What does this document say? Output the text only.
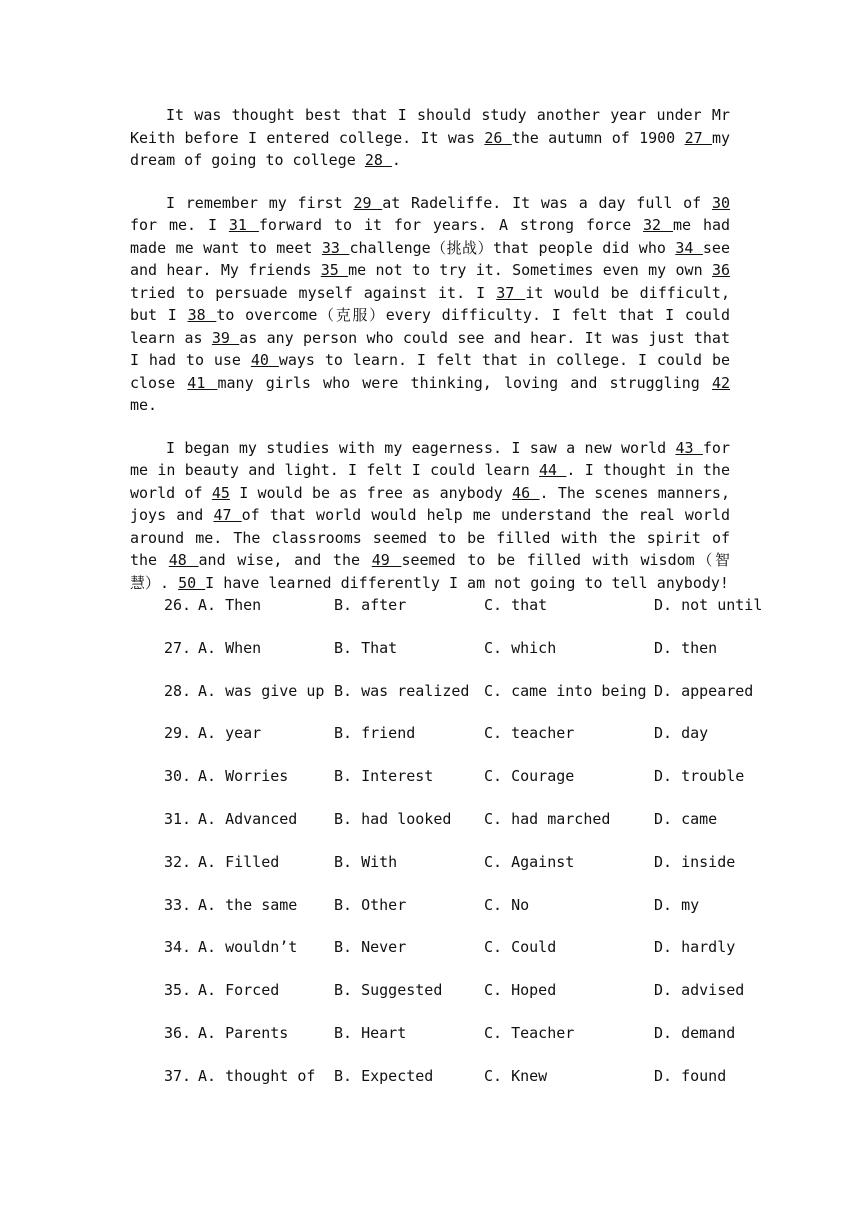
It was thought best that I should study another year under Mr Keith before I entered college. It was 26 the autumn of 1900 27 my dream of going to college 28 .

I remember my first 29 at Radeliffe. It was a day full of 30 for me. I 31 forward to it for years. A strong force 32 me had made me want to meet 33 challenge（挑战）that people did who 34 see and hear. My friends 35 me not to try it. Sometimes even my own 36 tried to persuade myself against it. I 37 it would be difficult, but I 38 to overcome（克服）every difficulty. I felt that I could learn as 39 as any person who could see and hear. It was just that I had to use 40 ways to learn. I felt that in college. I could be close 41 many girls who were thinking, loving and struggling 42 me.

I began my studies with my eagerness. I saw a new world 43 for me in beauty and light. I felt I could learn 44 . I thought in the world of 45 I would be as free as anybody 46 . The scenes manners, joys and 47 of that world would help me understand the real world around me. The classrooms seemed to be filled with the spirit of the 48 and wise, and the 49 seemed to be filled with wisdom（智慧）. 50 I have learned differently I am not going to tell anybody!

26. A. Then	B. after	C. that	D. not until
27. A. When	B. That	C. which	D. then
28. A. was give up B. was realized C. came into being D. appeared
29. A. year	B. friend	C. teacher	D. day
30. A. Worries	B. Interest	C. Courage	D. trouble
31. A. Advanced B. had looked C. had marched	D. came
32. A. Filled	B. With	C. Against	D. inside
33. A. the same B. Other	C. No	D. my
34. A. wouldn’t B. Never	C. Could	D. hardly
35. A. Forced	B. Suggested	C. Hoped	D. advised
36. A. Parents	B. Heart	C. Teacher	D. demand
37. A. thought of B. Expected	C. Knew	D. found
